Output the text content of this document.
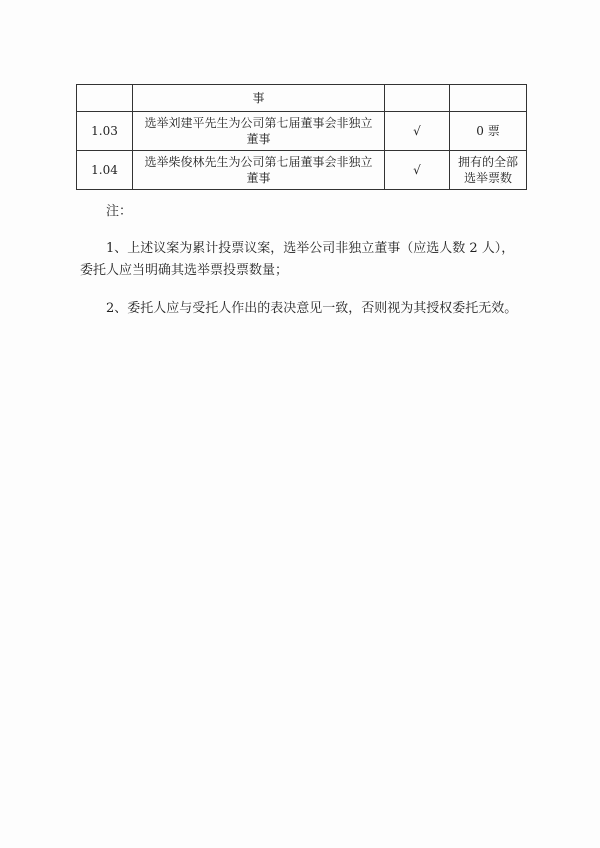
	事		
1.03	选举刘建平先生为公司第七届董事会非独立董事	√	0 票
1.04	选举柴俊林先生为公司第七届董事会非独立董事	√	拥有的全部选举票数
注：
1、上述议案为累计投票议案，选举公司非独立董事（应选人数 2 人），委托人应当明确其选举票投票数量；
2、委托人应与受托人作出的表决意见一致，否则视为其授权委托无效。
